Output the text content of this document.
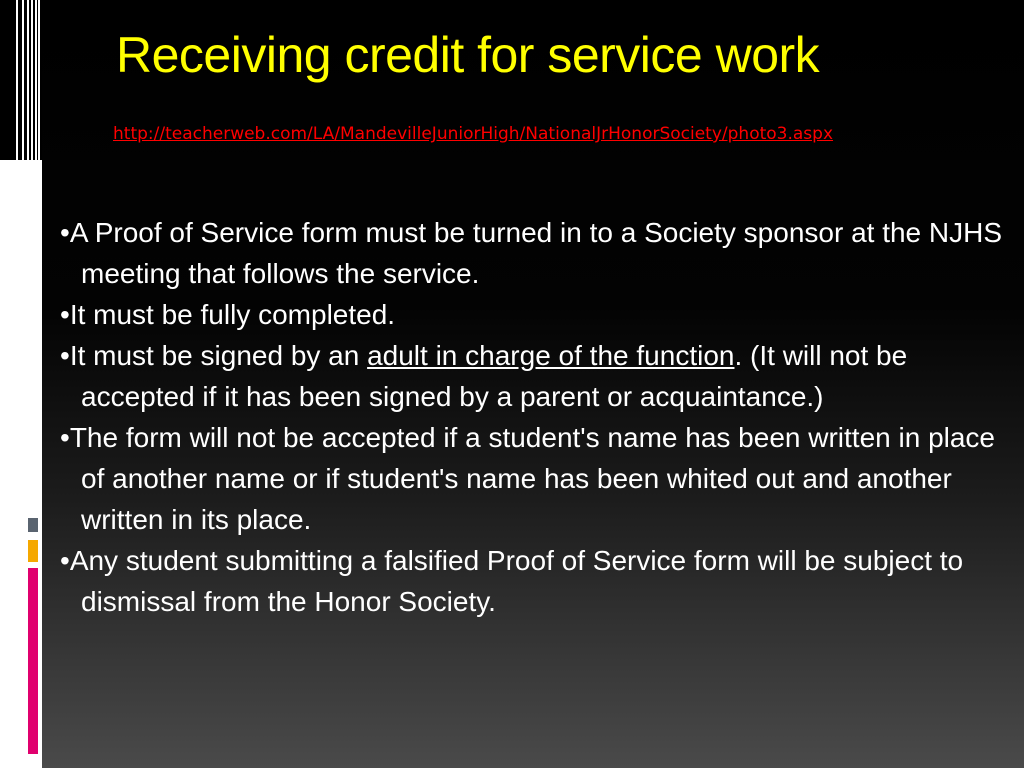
Receiving credit for service work
http://teacherweb.com/LA/MandevilleJuniorHigh/NationalJrHonorSociety/photo3.aspx
•A Proof of Service form must be turned in to a Society sponsor at the NJHS meeting that follows the service.
•It must be fully completed.
•It must be signed by an adult in charge of the function. (It will not be accepted if it has been signed by a parent or acquaintance.)
•The form will not be accepted if a student's name has been written in place of another name or if student's name has been whited out and another written in its place.
•Any student submitting a falsified Proof of Service form will be subject to dismissal from the Honor Society.
